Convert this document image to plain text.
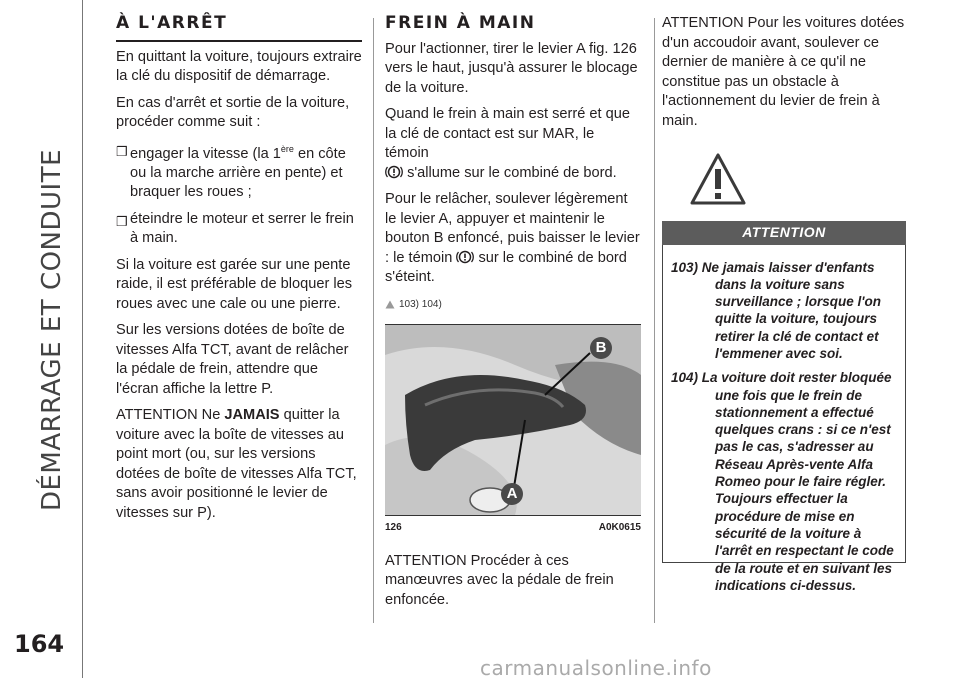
DÉMARRAGE ET CONDUITE
164
À L'ARRÊT

En quittant la voiture, toujours extraire la clé du dispositif de démarrage.

En cas d'arrêt et sortie de la voiture, procéder comme suit :

❒ engager la vitesse (la 1ère en côte ou la marche arrière en pente) et braquer les roues ;
❒ éteindre le moteur et serrer le frein à main.

Si la voiture est garée sur une pente raide, il est préférable de bloquer les roues avec une cale ou une pierre.

Sur les versions dotées de boîte de vitesses Alfa TCT, avant de relâcher la pédale de frein, attendre que l'écran affiche la lettre P.

ATTENTION Ne JAMAIS quitter la voiture avec la boîte de vitesses au point mort (ou, sur les versions dotées de boîte de vitesses Alfa TCT, sans avoir positionné le levier de vitesses sur P).

FREIN À MAIN

Pour l'actionner, tirer le levier A fig. 126 vers le haut, jusqu'à assurer le blocage de la voiture.

Quand le frein à main est serré et que la clé de contact est sur MAR, le témoin
s'allume sur le combiné de bord.

Pour le relâcher, soulever légèrement le levier A, appuyer et maintenir le bouton B enfoncé, puis baisser le levier : le témoin sur le combiné de bord s'éteint.

103) 104)
B
A
126	A0K0615

ATTENTION Procéder à ces manœuvres avec la pédale de frein enfoncée.

ATTENTION Pour les voitures dotées d'un accoudoir avant, soulever ce dernier de manière à ce qu'il ne constitue pas un obstacle à l'actionnement du levier de frein à main.

ATTENTION

103) Ne jamais laisser d'enfants dans la voiture sans surveillance ; lorsque l'on quitte la voiture, toujours retirer la clé de contact et l'emmener avec soi.

104) La voiture doit rester bloquée une fois que le frein de stationnement a effectué quelques crans : si ce n'est pas le cas, s'adresser au Réseau Après-vente Alfa Romeo pour le faire régler. Toujours effectuer la procédure de mise en sécurité de la voiture à l'arrêt en respectant le code de la route et en suivant les indications ci-dessus.

carmanualsonline.info
